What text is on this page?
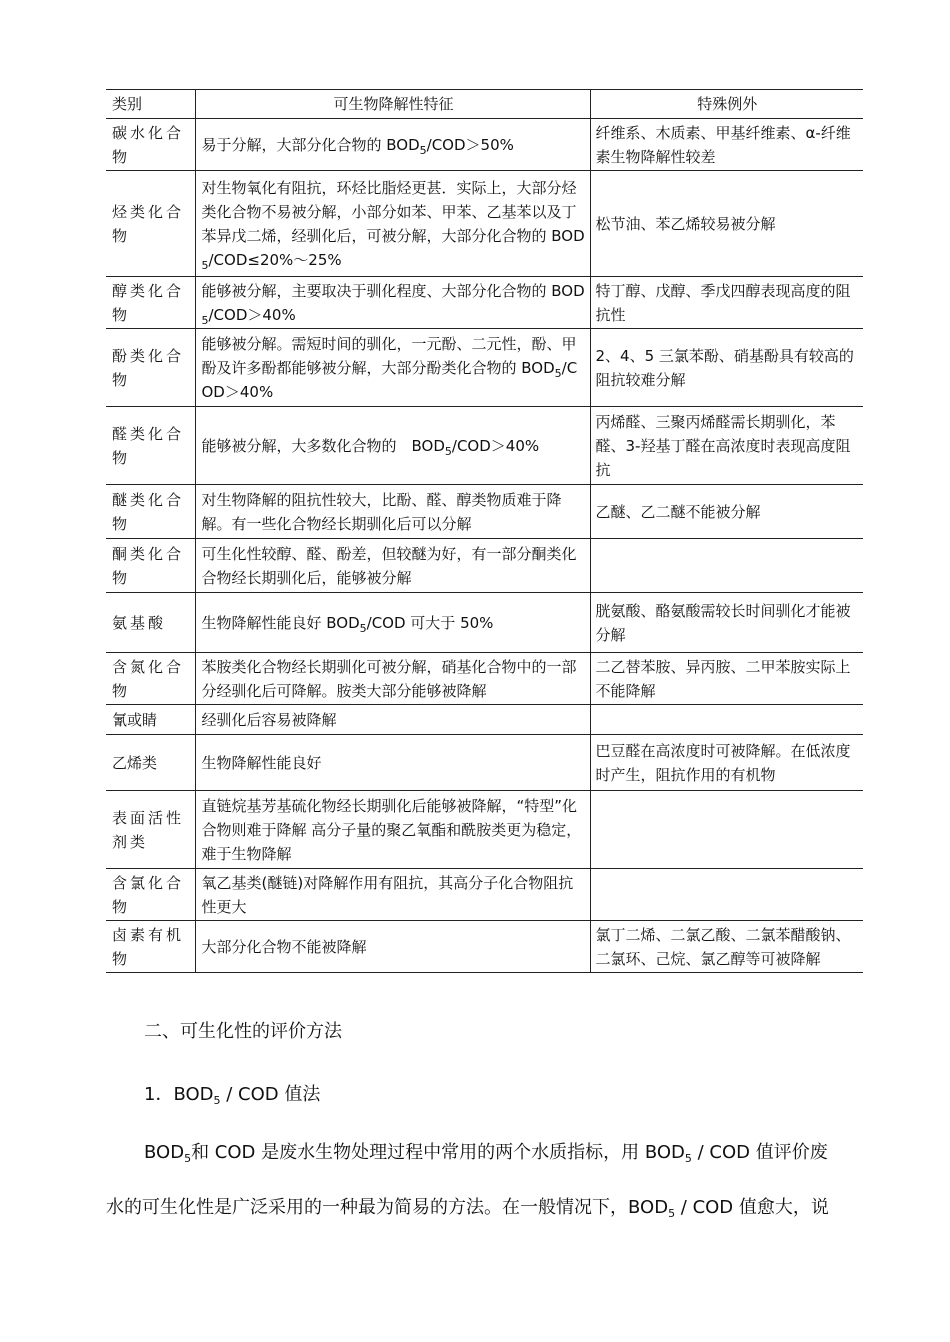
类别	可生物降解性特征	特殊例外
碳水化合物	易于分解，大部分化合物的 $BOD_5/COD>50\%$	纤维系、木质素、甲基纤维素、α-纤维素生物降解性较差
烃类化合物	对生物氧化有阻抗，环烃比脂烃更甚．实际上，大部分烃类化合物不易被分解，小部分如苯、甲苯、乙基苯以及丁苯异戊二烯，经驯化后，可被分解，大部分化合物的 $BOD_5/COD\le 20\%\sim 25\%$	松节油、苯乙烯较易被分解
醇类化合物	能够被分解，主要取决于驯化程度、大部分化合物的 $BOD_5/COD>40\%$	特丁醇、戊醇、季戊四醇表现高度的阻抗性
酚类化合物	能够被分解。需短时间的驯化，一元酚、二元性，酚、甲酚及许多酚都能够被分解，大部分酚类化合物的 $BOD_5/COD>40\%$	2、4、5 三氯苯酚、硝基酚具有较高的阻抗较难分解
醛类化合物	能够被分解，大多数化合物的　$BOD_5/COD>40\%$	丙烯醛、三聚丙烯醛需长期驯化，苯醛、3-羟基丁醛在高浓度时表现高度阻抗
醚类化合物	对生物降解的阻抗性较大，比酚、醛、醇类物质难于降解。有一些化合物经长期驯化后可以分解	乙醚、乙二醚不能被分解
酮类化合物	可生化性较醇、醛、酚差，但较醚为好，有一部分酮类化合物经长期驯化后，能够被分解	
氨基酸	生物降解性能良好 $BOD_5$/COD 可大于 50%	胱氨酸、酪氨酸需较长时间驯化才能被分解
含氮化合物	苯胺类化合物经长期驯化可被分解，硝基化合物中的一部分经驯化后可降解。胺类大部分能够被降解	二乙替苯胺、异丙胺、二甲苯胺实际上不能降解
氰或睛	经驯化后容易被降解	
乙烯类	生物降解性能良好	巴豆醛在高浓度时可被降解。在低浓度时产生，阻抗作用的有机物
表面活性剂类	直链烷基芳基硫化物经长期驯化后能够被降解，“特型”化合物则难于降解 高分子量的聚乙氧酯和酰胺类更为稳定，难于生物降解	
含氯化合物	氧乙基类(醚链)对降解作用有阻抗，其高分子化合物阻抗性更大	
卤素有机物	大部分化合物不能被降解	氯丁二烯、二氯乙酸、二氯苯醋酸钠、二氯环、己烷、氯乙醇等可被降解
二、可生化性的评价方法
1．$BOD_5$ / COD 值法
$BOD_5$和 COD 是废水生物处理过程中常用的两个水质指标，用 $BOD_5$ / COD 值评价废
水的可生化性是广泛采用的一种最为简易的方法。在一般情况下，$BOD_5$ / COD 值愈大，说
